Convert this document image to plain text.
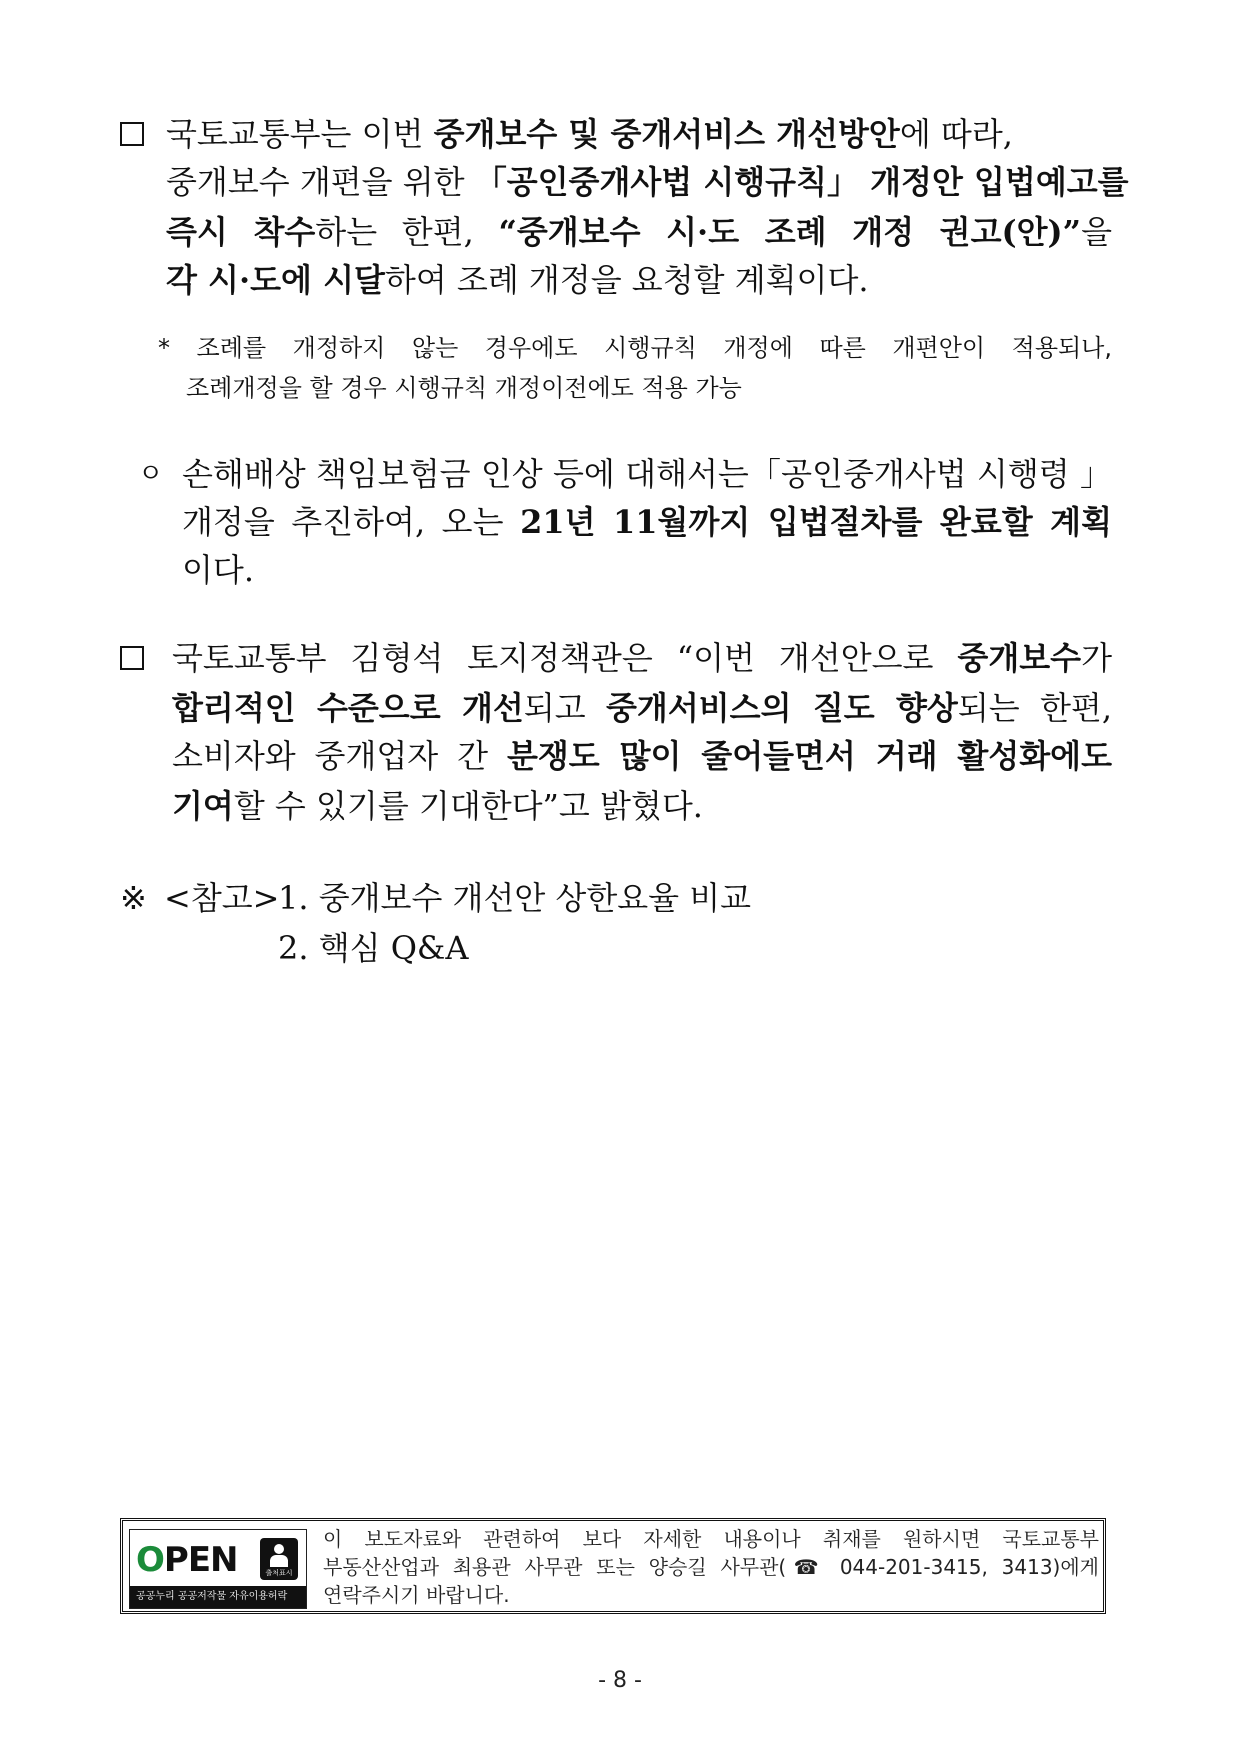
국토교통부는 이번 중개보수 및 중개서비스 개선방안에 따라,
중개보수 개편을 위한 「공인중개사법 시행규칙」 개정안 입법예고를
즉시 착수하는 한편, “중개보수 시·도 조례 개정 권고(안)”을
각 시·도에 시달하여 조례 개정을 요청할 계획이다.
* 조례를 개정하지 않는 경우에도 시행규칙 개정에 따른 개편안이 적용되나,
조례개정을 할 경우 시행규칙 개정이전에도 적용 가능
ㅇ 손해배상 책임보험금 인상 등에 대해서는「공인중개사법 시행령 」
개정을 추진하여, 오는 21년 11월까지 입법절차를 완료할 계획
이다.
국토교통부 김형석 토지정책관은 “이번 개선안으로 중개보수가
합리적인 수준으로 개선되고 중개서비스의 질도 향상되는 한편,
소비자와 중개업자 간 분쟁도 많이 줄어들면서 거래 활성화에도
기여할 수 있기를 기대한다”고 밝혔다.
※ <참고>
1. 중개보수 개선안 상한요율 비교
2. 핵심 Q&A
OPEN	출처표시
공공누리 공공저작물 자유이용허락
이 보도자료와 관련하여 보다 자세한 내용이나 취재를 원하시면 국토교통부
부동산산업과 최용관 사무관 또는 양승길 사무관(☎ 044-201-3415, 3413)에게
연락주시기 바랍니다.
- 8 -
